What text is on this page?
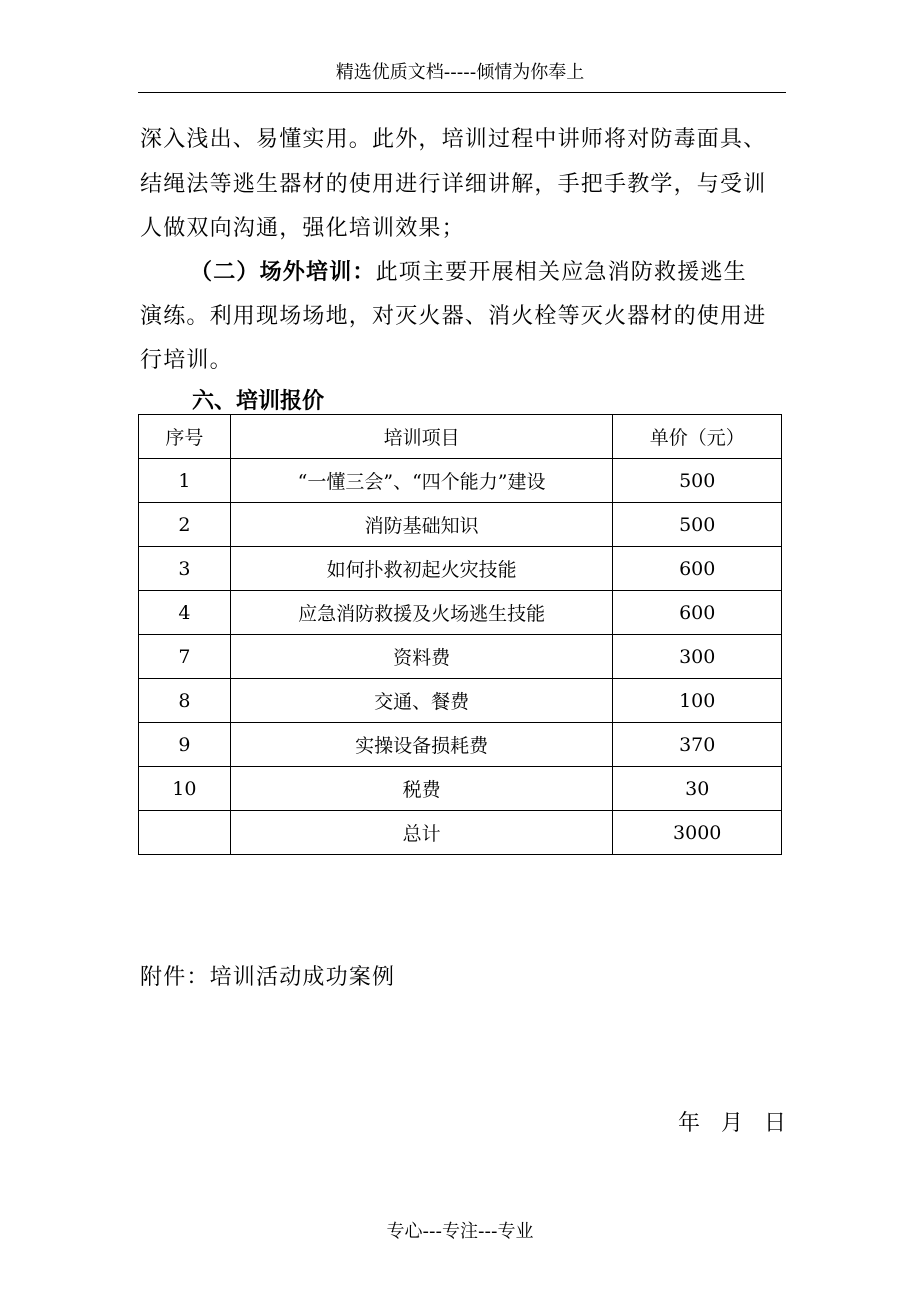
精选优质文档-----倾情为你奉上
深入浅出、易懂实用。此外，培训过程中讲师将对防毒面具、
结绳法等逃生器材的使用进行详细讲解，手把手教学，与受训
人做双向沟通，强化培训效果；
（二）场外培训：此项主要开展相关应急消防救援逃生
演练。利用现场场地，对灭火器、消火栓等灭火器材的使用进
行培训。
六、培训报价
序号	培训项目	单价（元）
1	“一懂三会”、“四个能力”建设	500
2	消防基础知识	500
3	如何扑救初起火灾技能	600
4	应急消防救援及火场逃生技能	600
7	资料费	300
8	交通、餐费	100
9	实操设备损耗费	370
10	税费	30
	总计	3000
附件：培训活动成功案例
年 月 日
专心---专注---专业
